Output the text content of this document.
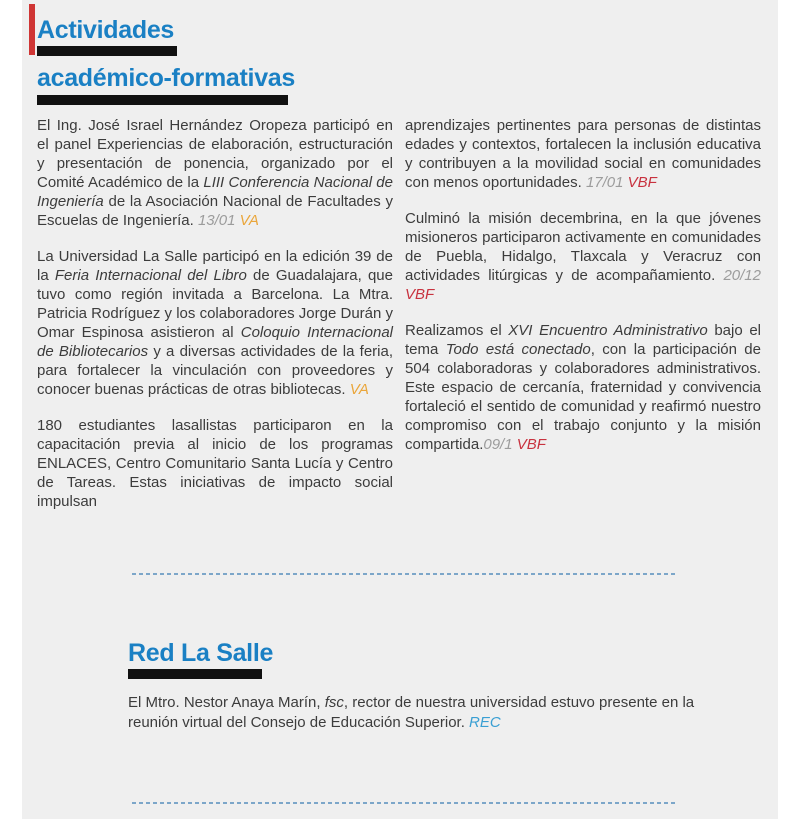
Actividades
académico-formativas

El Ing. José Israel Hernández Oropeza participó en el panel Experiencias de elaboración, estructuración y presentación de ponencia, organizado por el Comité Académico de la LIII Conferencia Nacional de Ingeniería de la Asociación Nacional de Facultades y Escuelas de Ingeniería. 13/01 VA

La Universidad La Salle participó en la edición 39 de la Feria Internacional del Libro de Guadalajara, que tuvo como región invitada a Barcelona. La Mtra. Patricia Rodríguez y los colaboradores Jorge Durán y Omar Espinosa asistieron al Coloquio Internacional de Bibliotecarios y a diversas actividades de la feria, para fortalecer la vinculación con proveedores y conocer buenas prácticas de otras bibliotecas. VA

180 estudiantes lasallistas participaron en la capacitación previa al inicio de los programas ENLACES, Centro Comunitario Santa Lucía y Centro de Tareas. Estas iniciativas de impacto social impulsan

aprendizajes pertinentes para personas de distintas edades y contextos, fortalecen la inclusión educativa y contribuyen a la movilidad social en comunidades con menos oportunidades. 17/01 VBF

Culminó la misión decembrina, en la que jóvenes misioneros participaron activamente en comunidades de Puebla, Hidalgo, Tlaxcala y Veracruz con actividades litúrgicas y de acompañamiento. 20/12 VBF

Realizamos el XVI Encuentro Administrativo bajo el tema Todo está conectado, con la participación de 504 colaboradoras y colaboradores administrativos. Este espacio de cercanía, fraternidad y convivencia fortaleció el sentido de comunidad y reafirmó nuestro compromiso con el trabajo conjunto y la misión compartida.09/1 VBF

Red La Salle

El Mtro. Nestor Anaya Marín, fsc, rector de nuestra universidad estuvo presente en la reunión virtual del Consejo de Educación Superior. REC
